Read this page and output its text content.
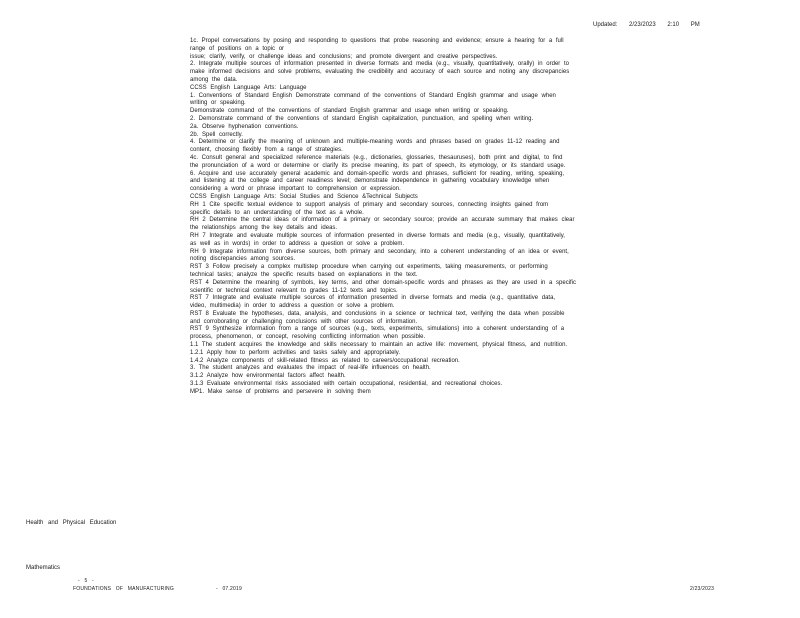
Updated: 2/23/2023 2:10 PM
1c. Propel conversations by posing and responding to questions that probe reasoning and evidence; ensure a hearing for a full
range of positions on a topic or
issue; clarify, verify, or challenge ideas and conclusions; and promote divergent and creative perspectives.
2. Integrate multiple sources of information presented in diverse formats and media (e.g., visually, quantitatively, orally) in order to
make informed decisions and solve problems, evaluating the credibility and accuracy of each source and noting any discrepancies
among the data.
CCSS English Language Arts: Language
1. Conventions of Standard English Demonstrate command of the conventions of Standard English grammar and usage when
writing or speaking.
Demonstrate command of the conventions of standard English grammar and usage when writing or speaking.
2. Demonstrate command of the conventions of standard English capitalization, punctuation, and spelling when writing.
2a. Observe hyphenation conventions.
2b. Spell correctly.
4. Determine or clarify the meaning of unknown and multiple-meaning words and phrases based on grades 11-12 reading and
content, choosing flexibly from a range of strategies.
4c. Consult general and specialized reference materials (e.g., dictionaries, glossaries, thesauruses), both print and digital, to find
the pronunciation of a word or determine or clarify its precise meaning, its part of speech, its etymology, or its standard usage.
6. Acquire and use accurately general academic and domain-specific words and phrases, sufficient for reading, writing, speaking,
and listening at the college and career readiness level; demonstrate independence in gathering vocabulary knowledge when
considering a word or phrase important to comprehension or expression.
CCSS English Language Arts: Social Studies and Science &Technical Subjects
RH 1 Cite specific textual evidence to support analysis of primary and secondary sources, connecting insights gained from
specific details to an understanding of the text as a whole.
RH 2 Determine the central ideas or information of a primary or secondary source; provide an accurate summary that makes clear
the relationships among the key details and ideas.
RH 7 Integrate and evaluate multiple sources of information presented in diverse formats and media (e.g., visually, quantitatively,
as well as in words) in order to address a question or solve a problem.
RH 9 Integrate information from diverse sources, both primary and secondary, into a coherent understanding of an idea or event,
noting discrepancies among sources.
RST 3 Follow precisely a complex multistep procedure when carrying out experiments, taking measurements, or performing
technical tasks; analyze the specific results based on explanations in the text.
RST 4 Determine the meaning of symbols, key terms, and other domain-specific words and phrases as they are used in a specific
scientific or technical context relevant to grades 11-12 texts and topics.
RST 7 Integrate and evaluate multiple sources of information presented in diverse formats and media (e.g., quantitative data,
video, multimedia) in order to address a question or solve a problem.
RST 8 Evaluate the hypotheses, data, analysis, and conclusions in a science or technical text, verifying the data when possible
and corroborating or challenging conclusions with other sources of information.
RST 9 Synthesize information from a range of sources (e.g., texts, experiments, simulations) into a coherent understanding of a
process, phenomenon, or concept, resolving conflicting information when possible.
1.1 The student acquires the knowledge and skills necessary to maintain an active life: movement, physical fitness, and nutrition.
1.2.1 Apply how to perform activities and tasks safely and appropriately.
1.4.2 Analyze components of skill-related fitness as related to careers/occupational recreation.
3. The student analyzes and evaluates the impact of real-life influences on health.
3.1.2 Analyze how environmental factors affect health.
3.1.3 Evaluate environmental risks associated with certain occupational, residential, and recreational choices.
MP1. Make sense of problems and persevere in solving them
Health and Physical Education
Mathematics
- 5 -
FOUNDATIONS OF MANUFACTURING	- 07.2019	2/23/2023
